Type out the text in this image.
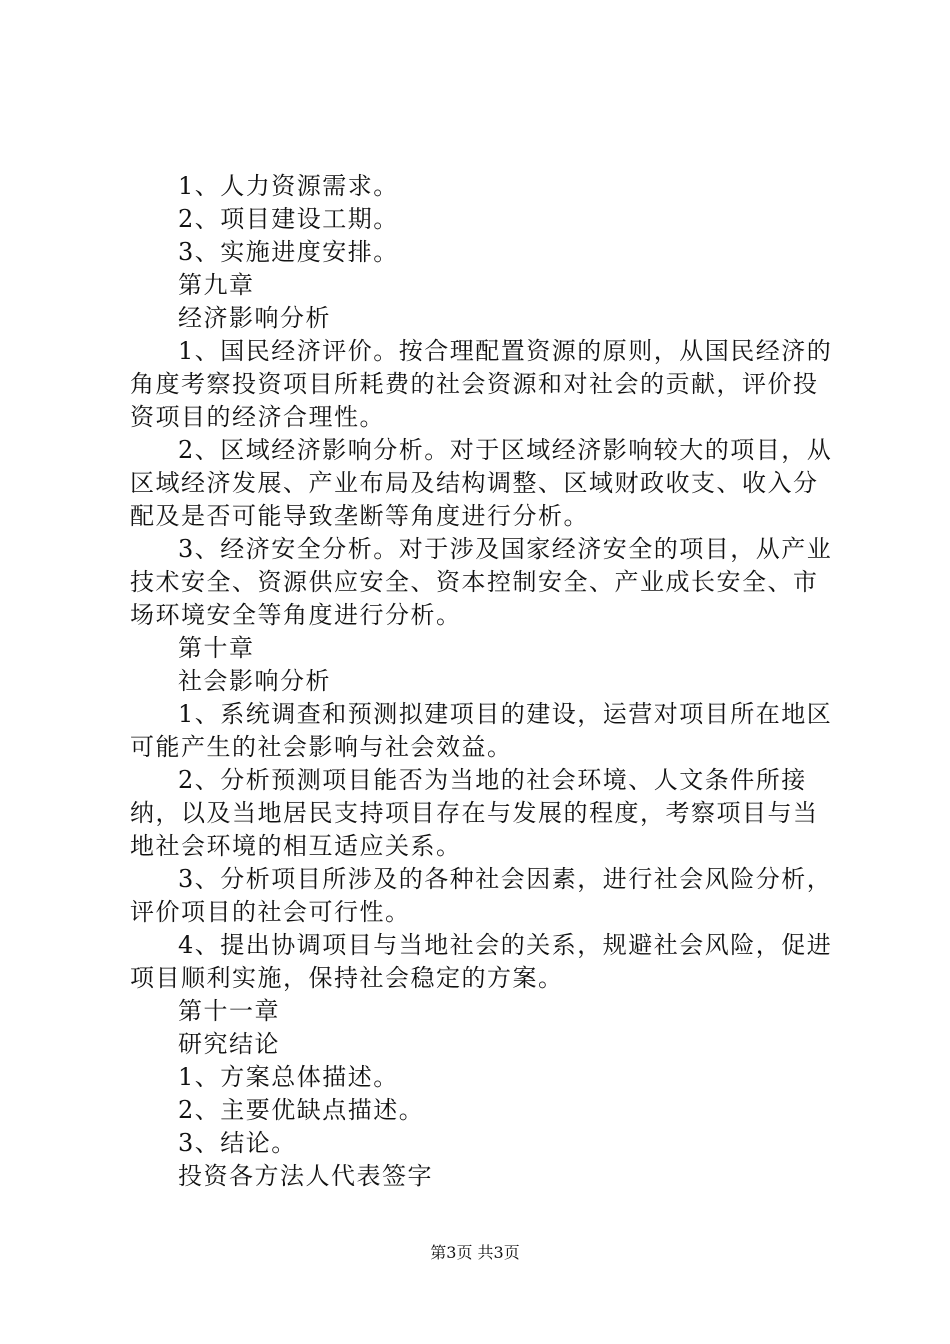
1、人力资源需求。

2、项目建设工期。

3、实施进度安排。

第九章

经济影响分析

1、国民经济评价。按合理配置资源的原则，从国民经济的角度考察投资项目所耗费的社会资源和对社会的贡献，评价投资项目的经济合理性。

2、区域经济影响分析。对于区域经济影响较大的项目，从区域经济发展、产业布局及结构调整、区域财政收支、收入分配及是否可能导致垄断等角度进行分析。

3、经济安全分析。对于涉及国家经济安全的项目，从产业技术安全、资源供应安全、资本控制安全、产业成长安全、市场环境安全等角度进行分析。

第十章

社会影响分析

1、系统调查和预测拟建项目的建设，运营对项目所在地区可能产生的社会影响与社会效益。

2、分析预测项目能否为当地的社会环境、人文条件所接纳，以及当地居民支持项目存在与发展的程度，考察项目与当地社会环境的相互适应关系。

3、分析项目所涉及的各种社会因素，进行社会风险分析，评价项目的社会可行性。

4、提出协调项目与当地社会的关系，规避社会风险，促进项目顺利实施，保持社会稳定的方案。

第十一章

研究结论

1、方案总体描述。

2、主要优缺点描述。

3、结论。

投资各方法人代表签字

第3页 共3页
